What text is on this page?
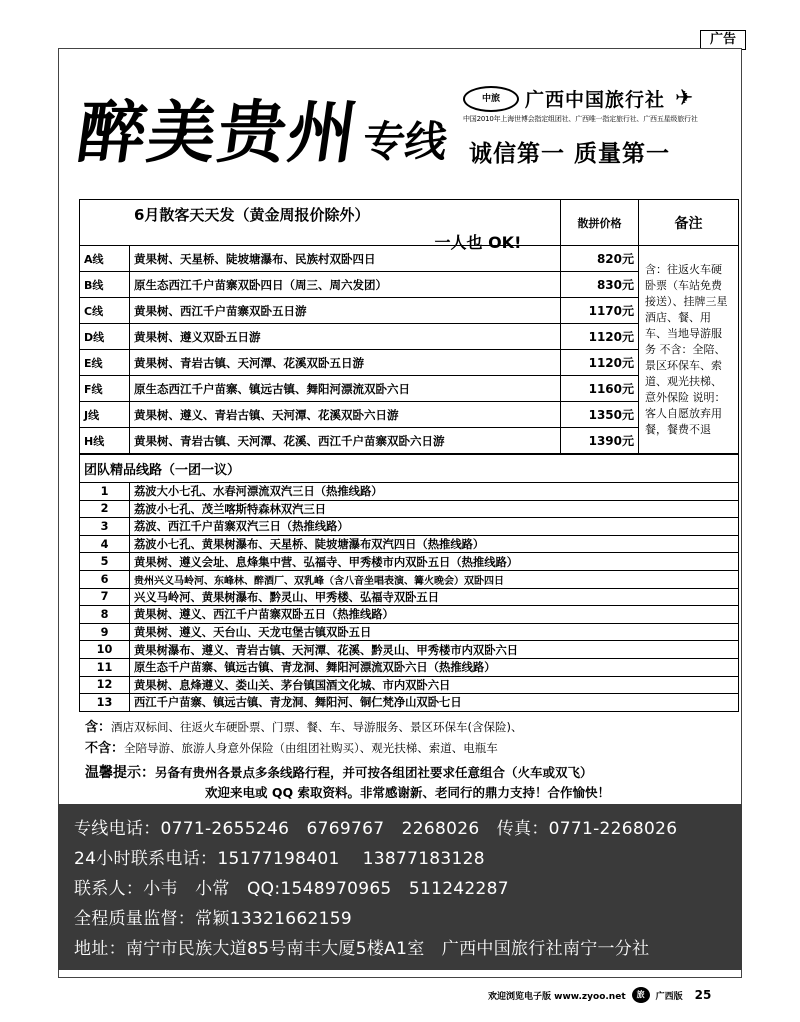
广告
醉美贵州专线
中旅	广西中国旅行社 ✈
中国2010年上海世博会指定组团社、广西唯一指定旅行社、广西五星级旅行社
诚信第一 质量第一
6月散客天天发（黄金周报价除外）
一人也 OK!		散拼价格	备注
A线	黄果树、天星桥、陡坡塘瀑布、民族村双卧四日	820元	含：往返火车硬卧票（车站免费接送）、挂牌三星酒店、餐、用车、当地导游服务 不含：全陪、景区环保车、索道、观光扶梯、意外保险 说明：客人自愿放弃用餐，餐费不退
B线	原生态西江千户苗寨双卧四日（周三、周六发团）	830元	
C线	黄果树、西江千户苗寨双卧五日游	1170元	
D线	黄果树、遵义双卧五日游	1120元	
E线	黄果树、青岩古镇、天河潭、花溪双卧五日游	1120元	
F线	原生态西江千户苗寨、镇远古镇、舞阳河漂流双卧六日	1160元	
J线	黄果树、遵义、青岩古镇、天河潭、花溪双卧六日游	1350元	
H线	黄果树、青岩古镇、天河潭、花溪、西江千户苗寨双卧六日游	1390元	
团队精品线路（一团一议）	
1	荔波大小七孔、水春河漂流双汽三日（热推线路）
2	荔波小七孔、茂兰喀斯特森林双汽三日
3	荔波、西江千户苗寨双汽三日（热推线路）
4	荔波小七孔、黄果树瀑布、天星桥、陡坡塘瀑布双汽四日（热推线路）
5	黄果树、遵义会址、息烽集中营、弘福寺、甲秀楼市内双卧五日（热推线路）
6	贵州兴义马岭河、东峰林、醉酒厂、双乳峰（含八音坐唱表演、篝火晚会）双卧四日
7	兴义马岭河、黄果树瀑布、黔灵山、甲秀楼、弘福寺双卧五日
8	黄果树、遵义、西江千户苗寨双卧五日（热推线路）
9	黄果树、遵义、天台山、天龙屯堡古镇双卧五日
10	黄果树瀑布、遵义、青岩古镇、天河潭、花溪、黔灵山、甲秀楼市内双卧六日
11	原生态千户苗寨、镇远古镇、青龙洞、舞阳河漂流双卧六日（热推线路）
12	黄果树、息烽遵义、娄山关、茅台镇国酒文化城、市内双卧六日
13	西江千户苗寨、镇远古镇、青龙洞、舞阳河、铜仁梵净山双卧七日
含：酒店双标间、往返火车硬卧票、门票、餐、车、导游服务、景区环保车(含保险)、
不含：全陪导游、旅游人身意外保险（由组团社购买）、观光扶梯、索道、电瓶车
温馨提示：另备有贵州各景点多条线路行程，并可按各组团社要求任意组合（火车或双飞）
欢迎来电或 QQ 索取资料。非常感谢新、老同行的鼎力支持！合作愉快！
专线电话：0771-2655246　6769767　2268026　传真：0771-2268026
24小时联系电话：15177198401　 13877183128
联系人：小韦　小常　QQ:1548970965　511242287
全程质量监督：常颖13321662159
地址：南宁市民族大道85号南丰大厦5楼A1室　广西中国旅行社南宁一分社
欢迎浏览电子版 www.zyoo.net	旅	广西版 25
